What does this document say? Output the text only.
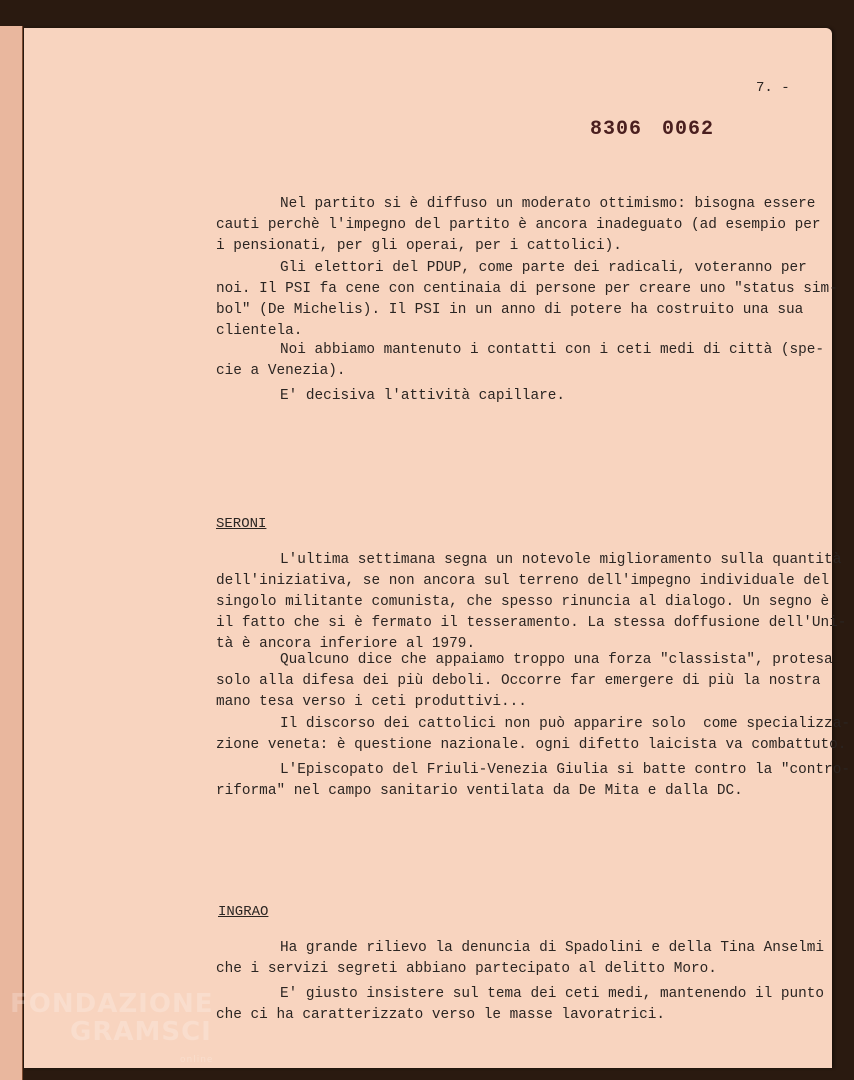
7. -
8306 0062
Nel partito si è diffuso un moderato ottimismo: bisogna essere
cauti perchè l'impegno del partito è ancora inadeguato (ad esempio per
i pensionati, per gli operai, per i cattolici).
Gli elettori del PDUP, come parte dei radicali, voteranno per
noi. Il PSI fa cene con centinaia di persone per creare uno "status sim-
bol" (De Michelis). Il PSI in un anno di potere ha costruito una sua
clientela.
Noi abbiamo mantenuto i contatti con i ceti medi di città (spe-
cie a Venezia).
E' decisiva l'attività capillare.
SERONI
L'ultima settimana segna un notevole miglioramento sulla quantità
dell'iniziativa, se non ancora sul terreno dell'impegno individuale del
singolo militante comunista, che spesso rinuncia al dialogo. Un segno è
il fatto che si è fermato il tesseramento. La stessa doffusione dell'Uni-
tà è ancora inferiore al 1979.
Qualcuno dice che appaiamo troppo una forza "classista", protesa
solo alla difesa dei più deboli. Occorre far emergere di più la nostra
mano tesa verso i ceti produttivi...
Il discorso dei cattolici non può apparire solo  come specializza-
zione veneta: è questione nazionale. ogni difetto laicista va combattuto.
L'Episcopato del Friuli-Venezia Giulia si batte contro la "contro-
riforma" nel campo sanitario ventilata da De Mita e dalla DC.
INGRAO
Ha grande rilievo la denuncia di Spadolini e della Tina Anselmi
che i servizi segreti abbiano partecipato al delitto Moro.
E' giusto insistere sul tema dei ceti medi, mantenendo il punto
che ci ha caratterizzato verso le masse lavoratrici.
FONDAZIONE
GRAMSCI
online
